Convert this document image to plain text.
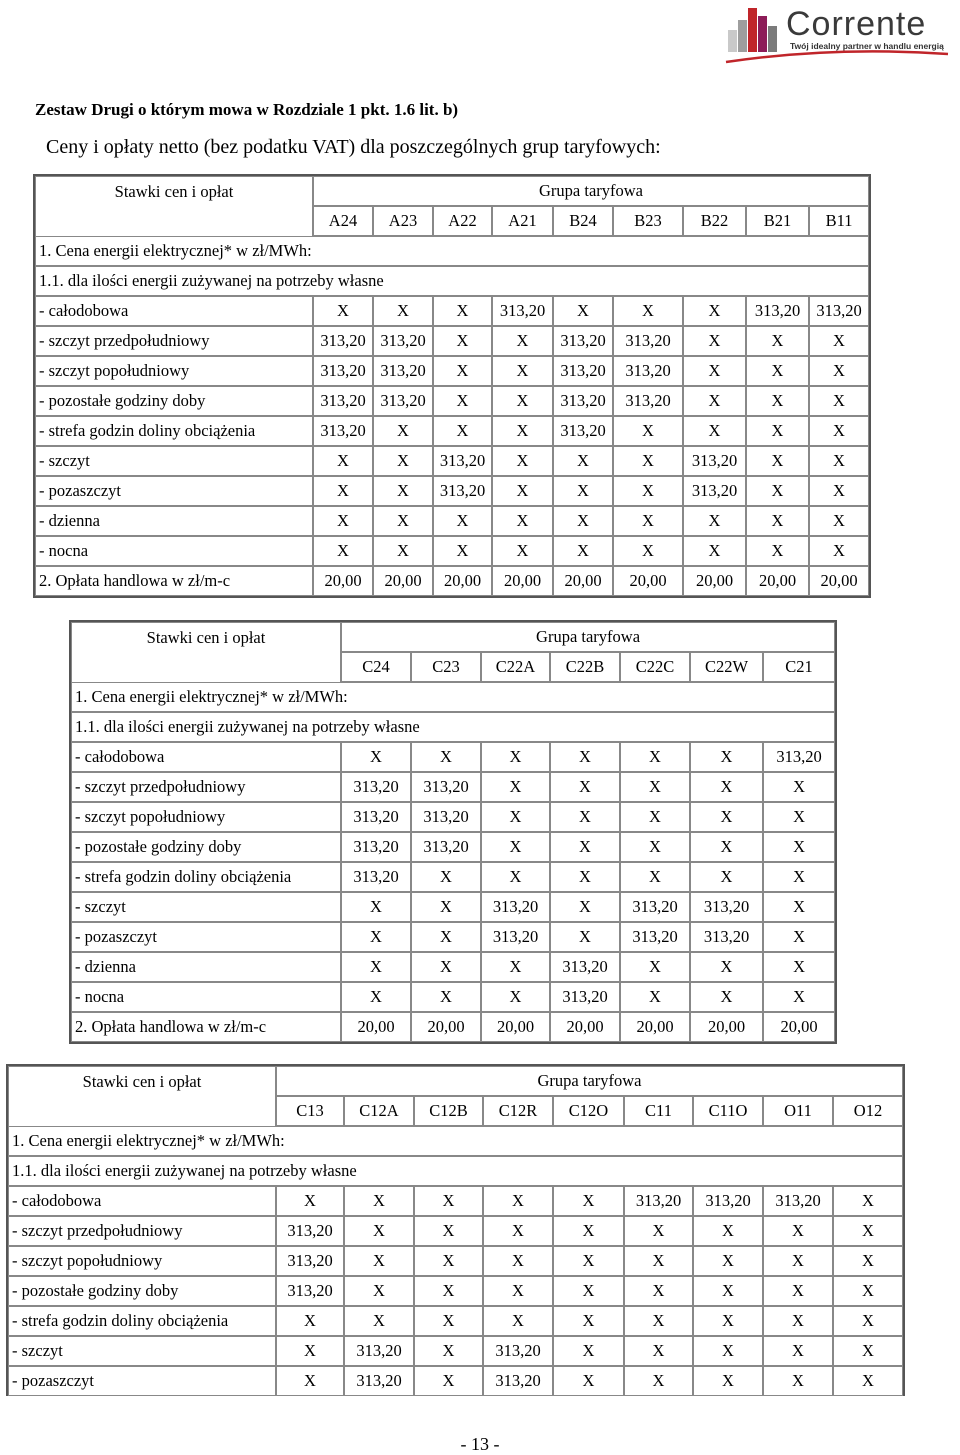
Corrente
Twój idealny partner w handlu energią
Zestaw Drugi o którym mowa w Rozdziale 1 pkt. 1.6 lit. b)
Ceny i opłaty netto (bez podatku VAT) dla poszczególnych grup taryfowych:
Stawki cen i opłat	Grupa taryfowa								
	A24	A23	A22	A21	B24	B23	B22	B21	B11
1. Cena energii elektrycznej* w zł/MWh:									
1.1. dla ilości energii zużywanej na potrzeby własne									
- całodobowa	X	X	X	313,20	X	X	X	313,20	313,20
- szczyt przedpołudniowy	313,20	313,20	X	X	313,20	313,20	X	X	X
- szczyt popołudniowy	313,20	313,20	X	X	313,20	313,20	X	X	X
- pozostałe godziny doby	313,20	313,20	X	X	313,20	313,20	X	X	X
- strefa godzin doliny obciążenia	313,20	X	X	X	313,20	X	X	X	X
- szczyt	X	X	313,20	X	X	X	313,20	X	X
- pozaszczyt	X	X	313,20	X	X	X	313,20	X	X
- dzienna	X	X	X	X	X	X	X	X	X
- nocna	X	X	X	X	X	X	X	X	X
2. Opłata handlowa w zł/m-c	20,00	20,00	20,00	20,00	20,00	20,00	20,00	20,00	20,00
Stawki cen i opłat	Grupa taryfowa						
	C24	C23	C22A	C22B	C22C	C22W	C21
1. Cena energii elektrycznej* w zł/MWh:							
1.1. dla ilości energii zużywanej na potrzeby własne							
- całodobowa	X	X	X	X	X	X	313,20
- szczyt przedpołudniowy	313,20	313,20	X	X	X	X	X
- szczyt popołudniowy	313,20	313,20	X	X	X	X	X
- pozostałe godziny doby	313,20	313,20	X	X	X	X	X
- strefa godzin doliny obciążenia	313,20	X	X	X	X	X	X
- szczyt	X	X	313,20	X	313,20	313,20	X
- pozaszczyt	X	X	313,20	X	313,20	313,20	X
- dzienna	X	X	X	313,20	X	X	X
- nocna	X	X	X	313,20	X	X	X
2. Opłata handlowa w zł/m-c	20,00	20,00	20,00	20,00	20,00	20,00	20,00
Stawki cen i opłat	Grupa taryfowa								
	C13	C12A	C12B	C12R	C12O	C11	C11O	O11	O12
1. Cena energii elektrycznej* w zł/MWh:									
1.1. dla ilości energii zużywanej na potrzeby własne									
- całodobowa	X	X	X	X	X	313,20	313,20	313,20	X
- szczyt przedpołudniowy	313,20	X	X	X	X	X	X	X	X
- szczyt popołudniowy	313,20	X	X	X	X	X	X	X	X
- pozostałe godziny doby	313,20	X	X	X	X	X	X	X	X
- strefa godzin doliny obciążenia	X	X	X	X	X	X	X	X	X
- szczyt	X	313,20	X	313,20	X	X	X	X	X
- pozaszczyt	X	313,20	X	313,20	X	X	X	X	X
- 13 -
